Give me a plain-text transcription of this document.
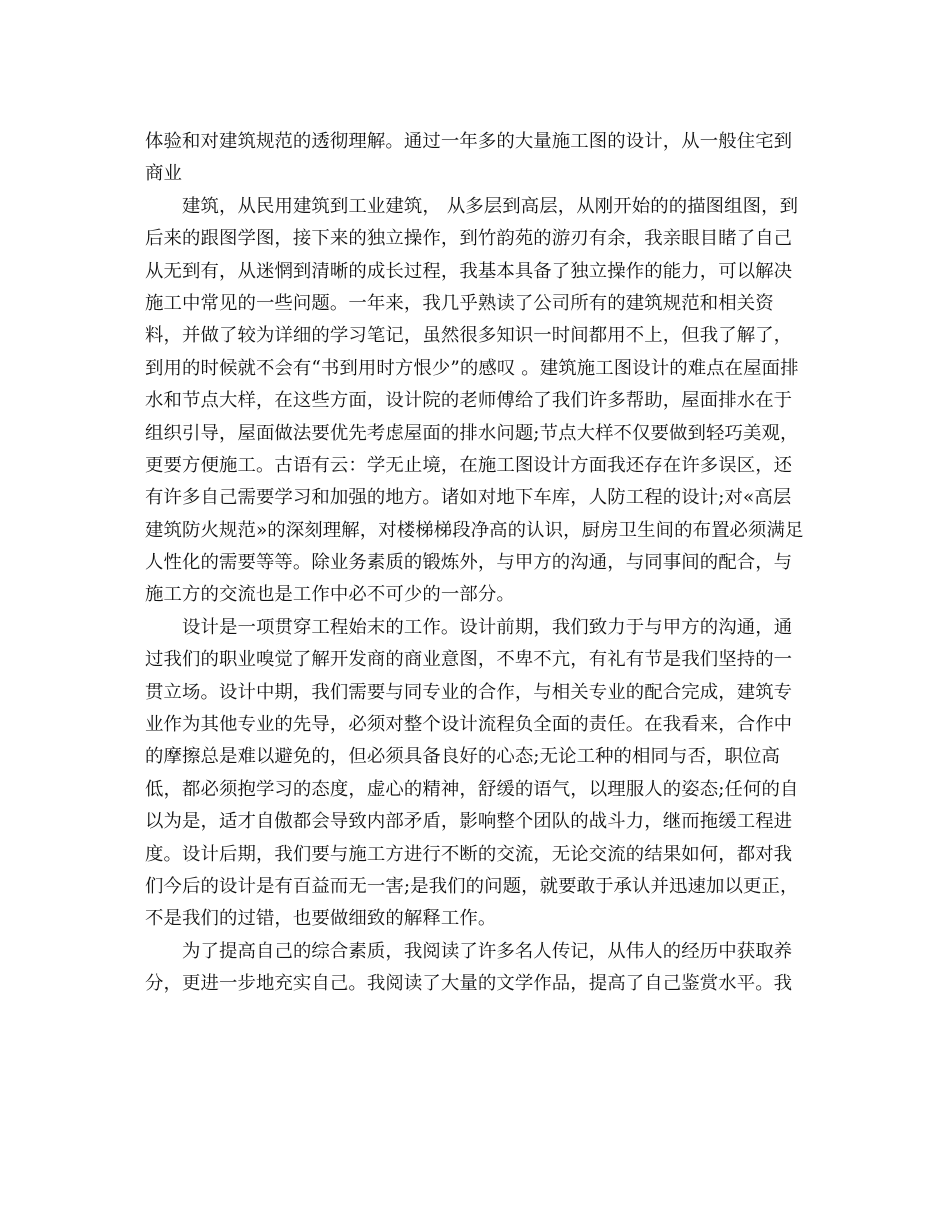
体验和对建筑规范的透彻理解。通过一年多的大量施工图的设计，从一般住宅到
商业
建筑，从民用建筑到工业建筑， 从多层到高层，从刚开始的的描图组图，到
后来的跟图学图，接下来的独立操作，到竹韵苑的游刃有余，我亲眼目睹了自己
从无到有，从迷惘到清晰的成长过程，我基本具备了独立操作的能力，可以解决
施工中常见的一些问题。一年来，我几乎熟读了公司所有的建筑规范和相关资
料，并做了较为详细的学习笔记，虽然很多知识一时间都用不上，但我了解了，
到用的时候就不会有“书到用时方恨少”的感叹 。建筑施工图设计的难点在屋面排
水和节点大样，在这些方面，设计院的老师傅给了我们许多帮助，屋面排水在于
组织引导，屋面做法要优先考虑屋面的排水问题;节点大样不仅要做到轻巧美观，
更要方便施工。古语有云：学无止境，在施工图设计方面我还存在许多误区，还
有许多自己需要学习和加强的地方。诸如对地下车库，人防工程的设计;对«高层
建筑防火规范»的深刻理解，对楼梯梯段净高的认识，厨房卫生间的布置必须满足
人性化的需要等等。除业务素质的锻炼外，与甲方的沟通，与同事间的配合，与
施工方的交流也是工作中必不可少的一部分。
设计是一项贯穿工程始末的工作。设计前期，我们致力于与甲方的沟通，通
过我们的职业嗅觉了解开发商的商业意图，不卑不亢，有礼有节是我们坚持的一
贯立场。设计中期，我们需要与同专业的合作，与相关专业的配合完成，建筑专
业作为其他专业的先导，必须对整个设计流程负全面的责任。在我看来，合作中
的摩擦总是难以避免的，但必须具备良好的心态;无论工种的相同与否，职位高
低，都必须抱学习的态度，虚心的精神，舒缓的语气，以理服人的姿态;任何的自
以为是，适才自傲都会导致内部矛盾，影响整个团队的战斗力，继而拖缓工程进
度。设计后期，我们要与施工方进行不断的交流，无论交流的结果如何，都对我
们今后的设计是有百益而无一害;是我们的问题，就要敢于承认并迅速加以更正，
不是我们的过错，也要做细致的解释工作。
为了提高自己的综合素质，我阅读了许多名人传记，从伟人的经历中获取养
分，更进一步地充实自己。我阅读了大量的文学作品，提高了自己鉴赏水平。我
